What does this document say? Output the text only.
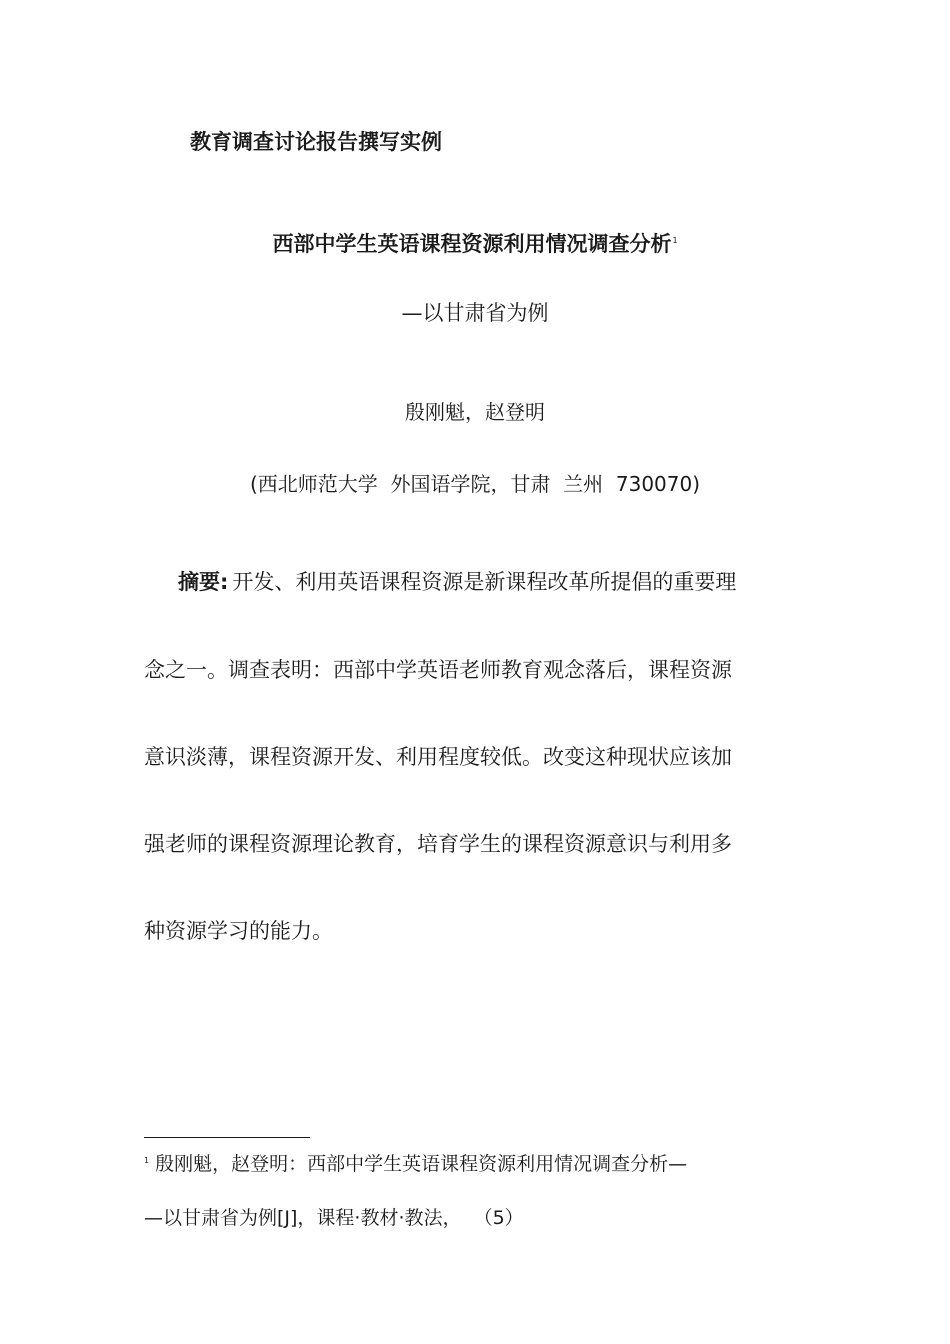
教育调查讨论报告撰写实例
西部中学生英语课程资源利用情况调查分析$^1$
—以甘肃省为例
殷刚魁，赵登明
(西北师范大学  外国语学院，甘肃  兰州  730070)
摘要: 开发、利用英语课程资源是新课程改革所提倡的重要理
念之一。调查表明：西部中学英语老师教育观念落后，课程资源
意识淡薄，课程资源开发、利用程度较低。改变这种现状应该加
强老师的课程资源理论教育，培育学生的课程资源意识与利用多
种资源学习的能力。
$^1$ 殷刚魁，赵登明：西部中学生英语课程资源利用情况调查分析—
—以甘肃省为例[J]，课程·教材·教法，  （5）
